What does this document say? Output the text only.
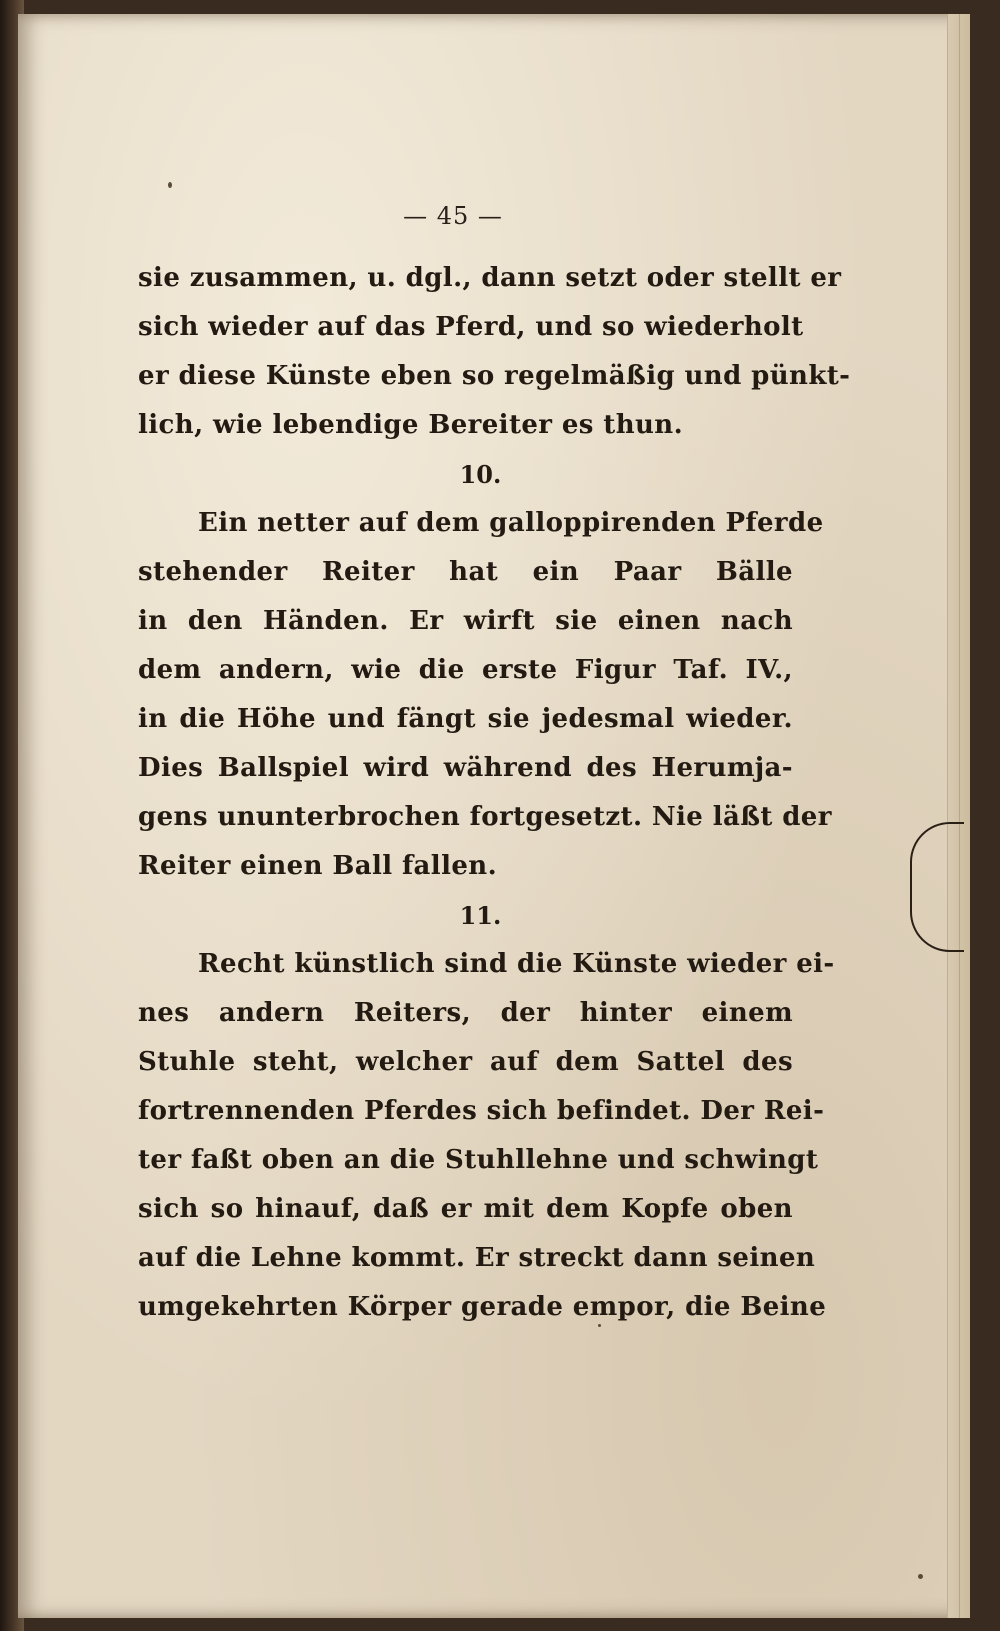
— 45 —
sie zusammen, u. dgl., dann setzt oder stellt er
sich wieder auf das Pferd, und so wiederholt
er diese Künste eben so regelmäßig und pünkt-
lich, wie lebendige Bereiter es thun.
10.
Ein netter auf dem galloppirenden Pferde
stehender Reiter hat ein Paar Bälle
in den Händen. Er wirft sie einen nach
dem andern, wie die erste Figur Taf. IV.,
in die Höhe und fängt sie jedesmal wieder.
Dies Ballspiel wird während des Herumja-
gens ununterbrochen fortgesetzt. Nie läßt der
Reiter einen Ball fallen.
11.
Recht künstlich sind die Künste wieder ei-
nes andern Reiters, der hinter einem
Stuhle steht, welcher auf dem Sattel des
fortrennenden Pferdes sich befindet. Der Rei-
ter faßt oben an die Stuhllehne und schwingt
sich so hinauf, daß er mit dem Kopfe oben
auf die Lehne kommt. Er streckt dann seinen
umgekehrten Körper gerade empor, die Beine
